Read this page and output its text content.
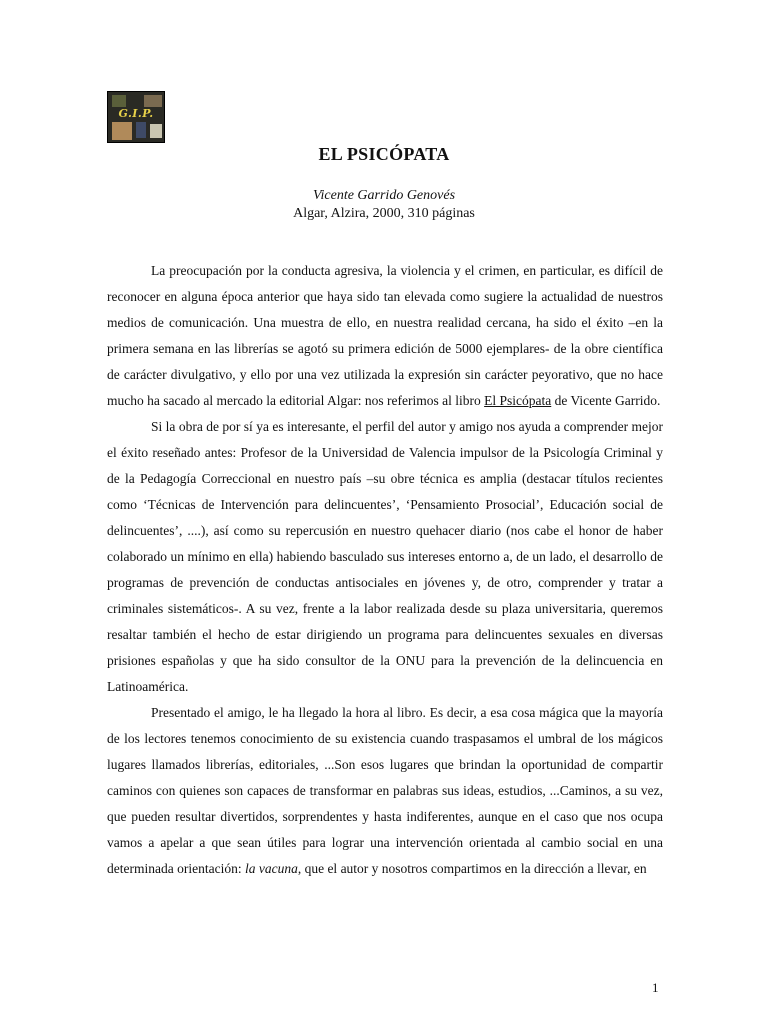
G.I.P.
EL PSICÓPATA
Vicente Garrido Genovés
Algar, Alzira, 2000, 310 páginas

La preocupación por la conducta agresiva, la violencia y el crimen, en particular, es difícil de reconocer en alguna época anterior que haya sido tan elevada como sugiere la actualidad de nuestros medios de comunicación. Una muestra de ello, en nuestra realidad cercana, ha sido el éxito –en la primera semana en las librerías se agotó su primera edición de 5000 ejemplares- de la obre científica de carácter divulgativo, y ello por una vez utilizada la expresión sin carácter peyorativo, que no hace mucho ha sacado al mercado la editorial Algar: nos referimos al libro El Psicópata de Vicente Garrido.

Si la obra de por sí ya es interesante, el perfil del autor y amigo nos ayuda a comprender mejor el éxito reseñado antes: Profesor de la Universidad de Valencia impulsor de la Psicología Criminal y de la Pedagogía Correccional en nuestro país –su obre técnica es amplia (destacar títulos recientes como ‘Técnicas de Intervención para delincuentes’, ‘Pensamiento Prosocial’, Educación social de delincuentes’, ....), así como su repercusión en nuestro quehacer diario (nos cabe el honor de haber colaborado un mínimo en ella) habiendo basculado sus intereses entorno a, de un lado, el desarrollo de programas de prevención de conductas antisociales en jóvenes y, de otro, comprender y tratar a criminales sistemáticos-. A su vez, frente a la labor realizada desde su plaza universitaria, queremos resaltar también el hecho de estar dirigiendo un programa para delincuentes sexuales en diversas prisiones españolas y que ha sido consultor de la ONU para la prevención de la delincuencia en Latinoamérica.

Presentado el amigo, le ha llegado la hora al libro. Es decir, a esa cosa mágica que la mayoría de los lectores tenemos conocimiento de su existencia cuando traspasamos el umbral de los mágicos lugares llamados librerías, editoriales, ...Son esos lugares que brindan la oportunidad de compartir caminos con quienes son capaces de transformar en palabras sus ideas, estudios, ...Caminos, a su vez, que pueden resultar divertidos, sorprendentes y hasta indiferentes, aunque en el caso que nos ocupa vamos a apelar a que sean útiles para lograr una intervención orientada al cambio social en una determinada orientación: la vacuna, que el autor y nosotros compartimos en la dirección a llevar, en

1
